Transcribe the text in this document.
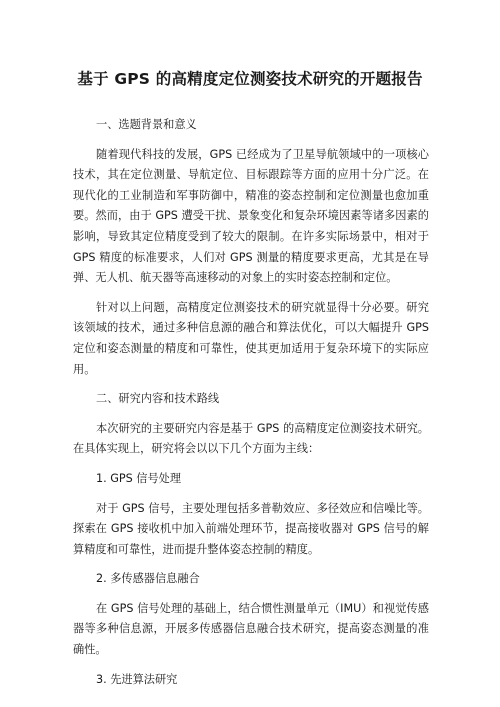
基于 GPS 的高精度定位测姿技术研究的开题报告

一、选题背景和意义

随着现代科技的发展，GPS 已经成为了卫星导航领域中的一项核心技术，其在定位测量、导航定位、目标跟踪等方面的应用十分广泛。在现代化的工业制造和军事防御中，精准的姿态控制和定位测量也愈加重要。然而，由于 GPS 遭受干扰、景象变化和复杂环境因素等诸多因素的影响，导致其定位精度受到了较大的限制。在许多实际场景中，相对于 GPS 精度的标准要求，人们对 GPS 测量的精度要求更高，尤其是在导弹、无人机、航天器等高速移动的对象上的实时姿态控制和定位。

针对以上问题，高精度定位测姿技术的研究就显得十分必要。研究该领域的技术，通过多种信息源的融合和算法优化，可以大幅提升 GPS 定位和姿态测量的精度和可靠性，使其更加适用于复杂环境下的实际应用。

二、研究内容和技术路线

本次研究的主要研究内容是基于 GPS 的高精度定位测姿技术研究。在具体实现上，研究将会以以下几个方面为主线：

1. GPS 信号处理

对于 GPS 信号，主要处理包括多普勒效应、多径效应和信噪比等。探索在 GPS 接收机中加入前端处理环节，提高接收器对 GPS 信号的解算精度和可靠性，进而提升整体姿态控制的精度。

2. 多传感器信息融合

在 GPS 信号处理的基础上，结合惯性测量单元（IMU）和视觉传感器等多种信息源，开展多传感器信息融合技术研究，提高姿态测量的准确性。

3. 先进算法研究
